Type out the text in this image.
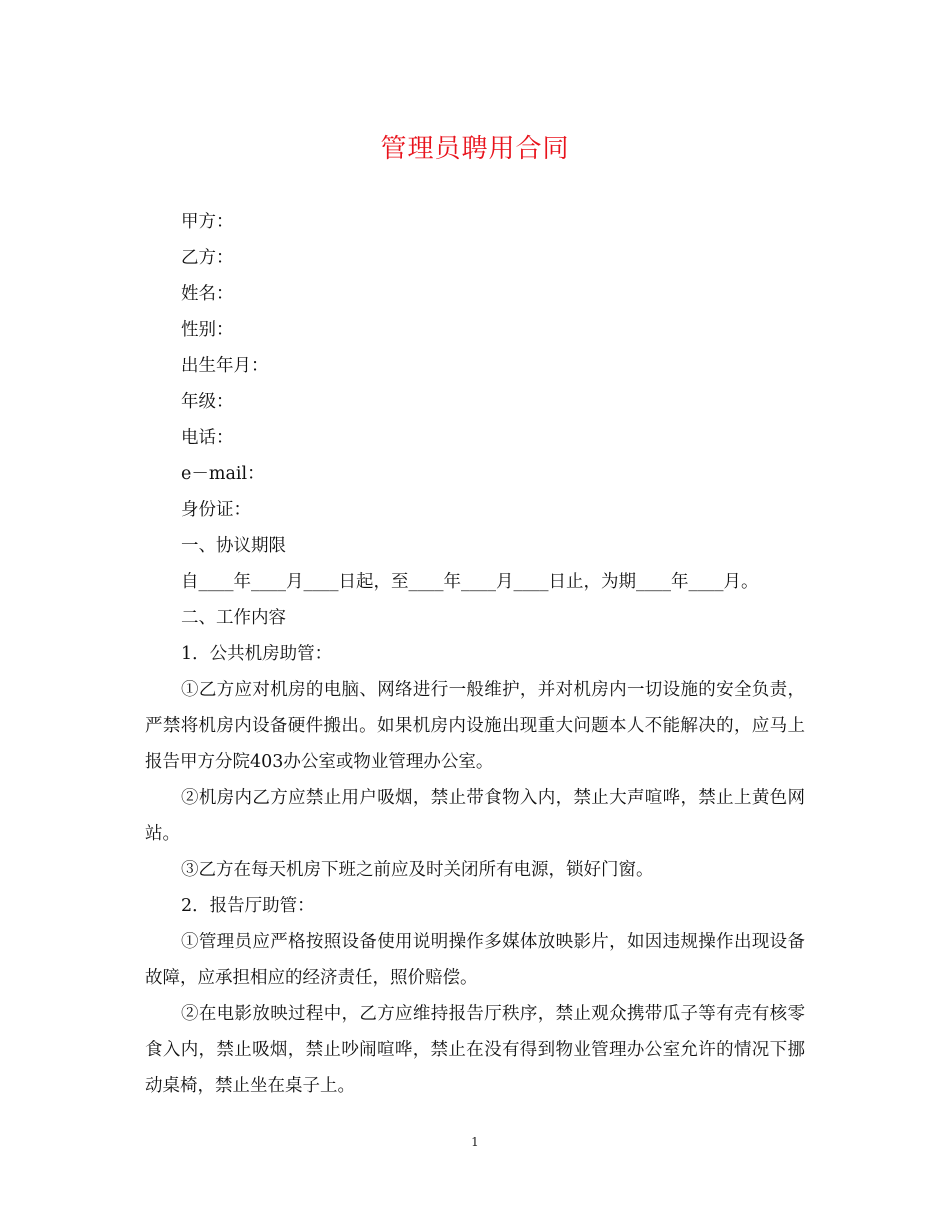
管理员聘用合同
甲方：
乙方：
姓名：
性别：
出生年月：
年级：
电话：
e－mail：
身份证：
一、协议期限
自____年____月____日起，至____年____月____日止，为期____年____月。
二、工作内容
1．公共机房助管：
①乙方应对机房的电脑、网络进行一般维护，并对机房内一切设施的安全负责，严禁将机房内设备硬件搬出。如果机房内设施出现重大问题本人不能解决的，应马上报告甲方分院403办公室或物业管理办公室。
②机房内乙方应禁止用户吸烟，禁止带食物入内，禁止大声喧哗，禁止上黄色网站。
③乙方在每天机房下班之前应及时关闭所有电源，锁好门窗。
2．报告厅助管：
①管理员应严格按照设备使用说明操作多媒体放映影片，如因违规操作出现设备故障，应承担相应的经济责任，照价赔偿。
②在电影放映过程中，乙方应维持报告厅秩序，禁止观众携带瓜子等有壳有核零食入内，禁止吸烟，禁止吵闹喧哗，禁止在没有得到物业管理办公室允许的情况下挪动桌椅，禁止坐在桌子上。
1
